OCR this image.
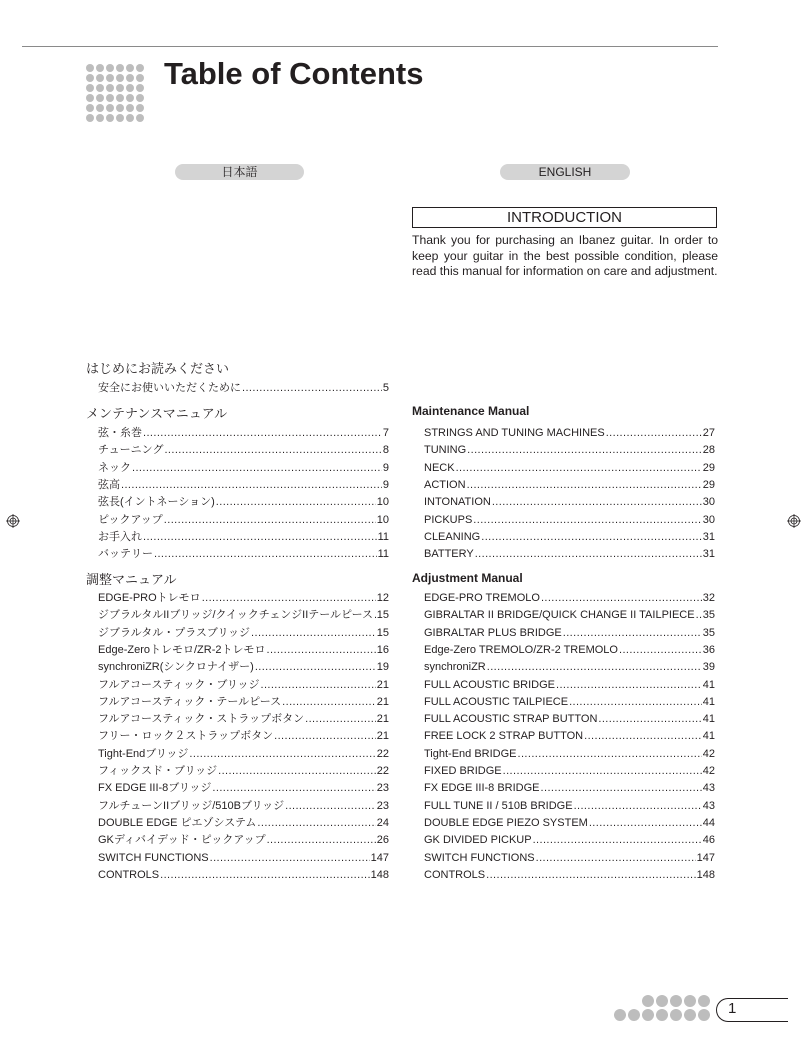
Table of Contents
日本語	ENGLISH
INTRODUCTION
Thank you for purchasing an Ibanez guitar. In order to keep your guitar in the best possible condition, please read this manual for information on care and adjustment.
はじめにお読みください
安全にお使いいただくために .....	5
メンテナンスマニュアル
弦・糸巻 .....	7
チューニング .....	8
ネック .....	9
弦高 .....	9
弦長(イントネーション) .....	10
ピックアップ .....	10
お手入れ .....	11
バッテリー .....	11
調整マニュアル
EDGE-PROトレモロ .....	12
ジブラルタルIIブリッジ/クイックチェンジIIテールピース ..... 15
ジブラルタル・プラスブリッジ .....	15
Edge-Zeroトレモロ/ZR-2トレモロ .....	16
synchroniZR(シンクロナイザー) .....	19
フルアコースティック・ブリッジ .....	21
フルアコースティック・テールピース .....	21
フルアコースティック・ストラップボタン .....	21
フリー・ロック２ストラップボタン .....	21
Tight-Endブリッジ .....	22
フィックスド・ブリッジ .....	22
FX EDGE III-8ブリッジ .....	23
フルチューンIIブリッジ/510Bブリッジ .....	23
DOUBLE EDGE ピエゾシステム .....	24
GKディバイデッド・ピックアップ .....	26
SWITCH FUNCTIONS .....	147
CONTROLS .....	148
Maintenance Manual
STRINGS AND TUNING MACHINES .....	27
TUNING .....	28
NECK .....	29
ACTION .....	29
INTONATION .....	30
PICKUPS .....	30
CLEANING .....	31
BATTERY .....	31
Adjustment Manual
EDGE-PRO TREMOLO .....	32
GIBRALTAR II BRIDGE/QUICK CHANGE II TAILPIECE ..... 35
GIBRALTAR PLUS BRIDGE .....	35
Edge-Zero TREMOLO/ZR-2 TREMOLO .....	36
synchroniZR .....	39
FULL ACOUSTIC BRIDGE .....	41
FULL ACOUSTIC TAILPIECE .....	41
FULL ACOUSTIC STRAP BUTTON .....	41
FREE LOCK 2 STRAP BUTTON .....	41
Tight-End BRIDGE .....	42
FIXED BRIDGE .....	42
FX EDGE III-8 BRIDGE .....	43
FULL TUNE II / 510B BRIDGE .....	43
DOUBLE EDGE PIEZO SYSTEM .....	44
GK DIVIDED PICKUP .....	46
SWITCH FUNCTIONS .....	147
CONTROLS .....	148
1
